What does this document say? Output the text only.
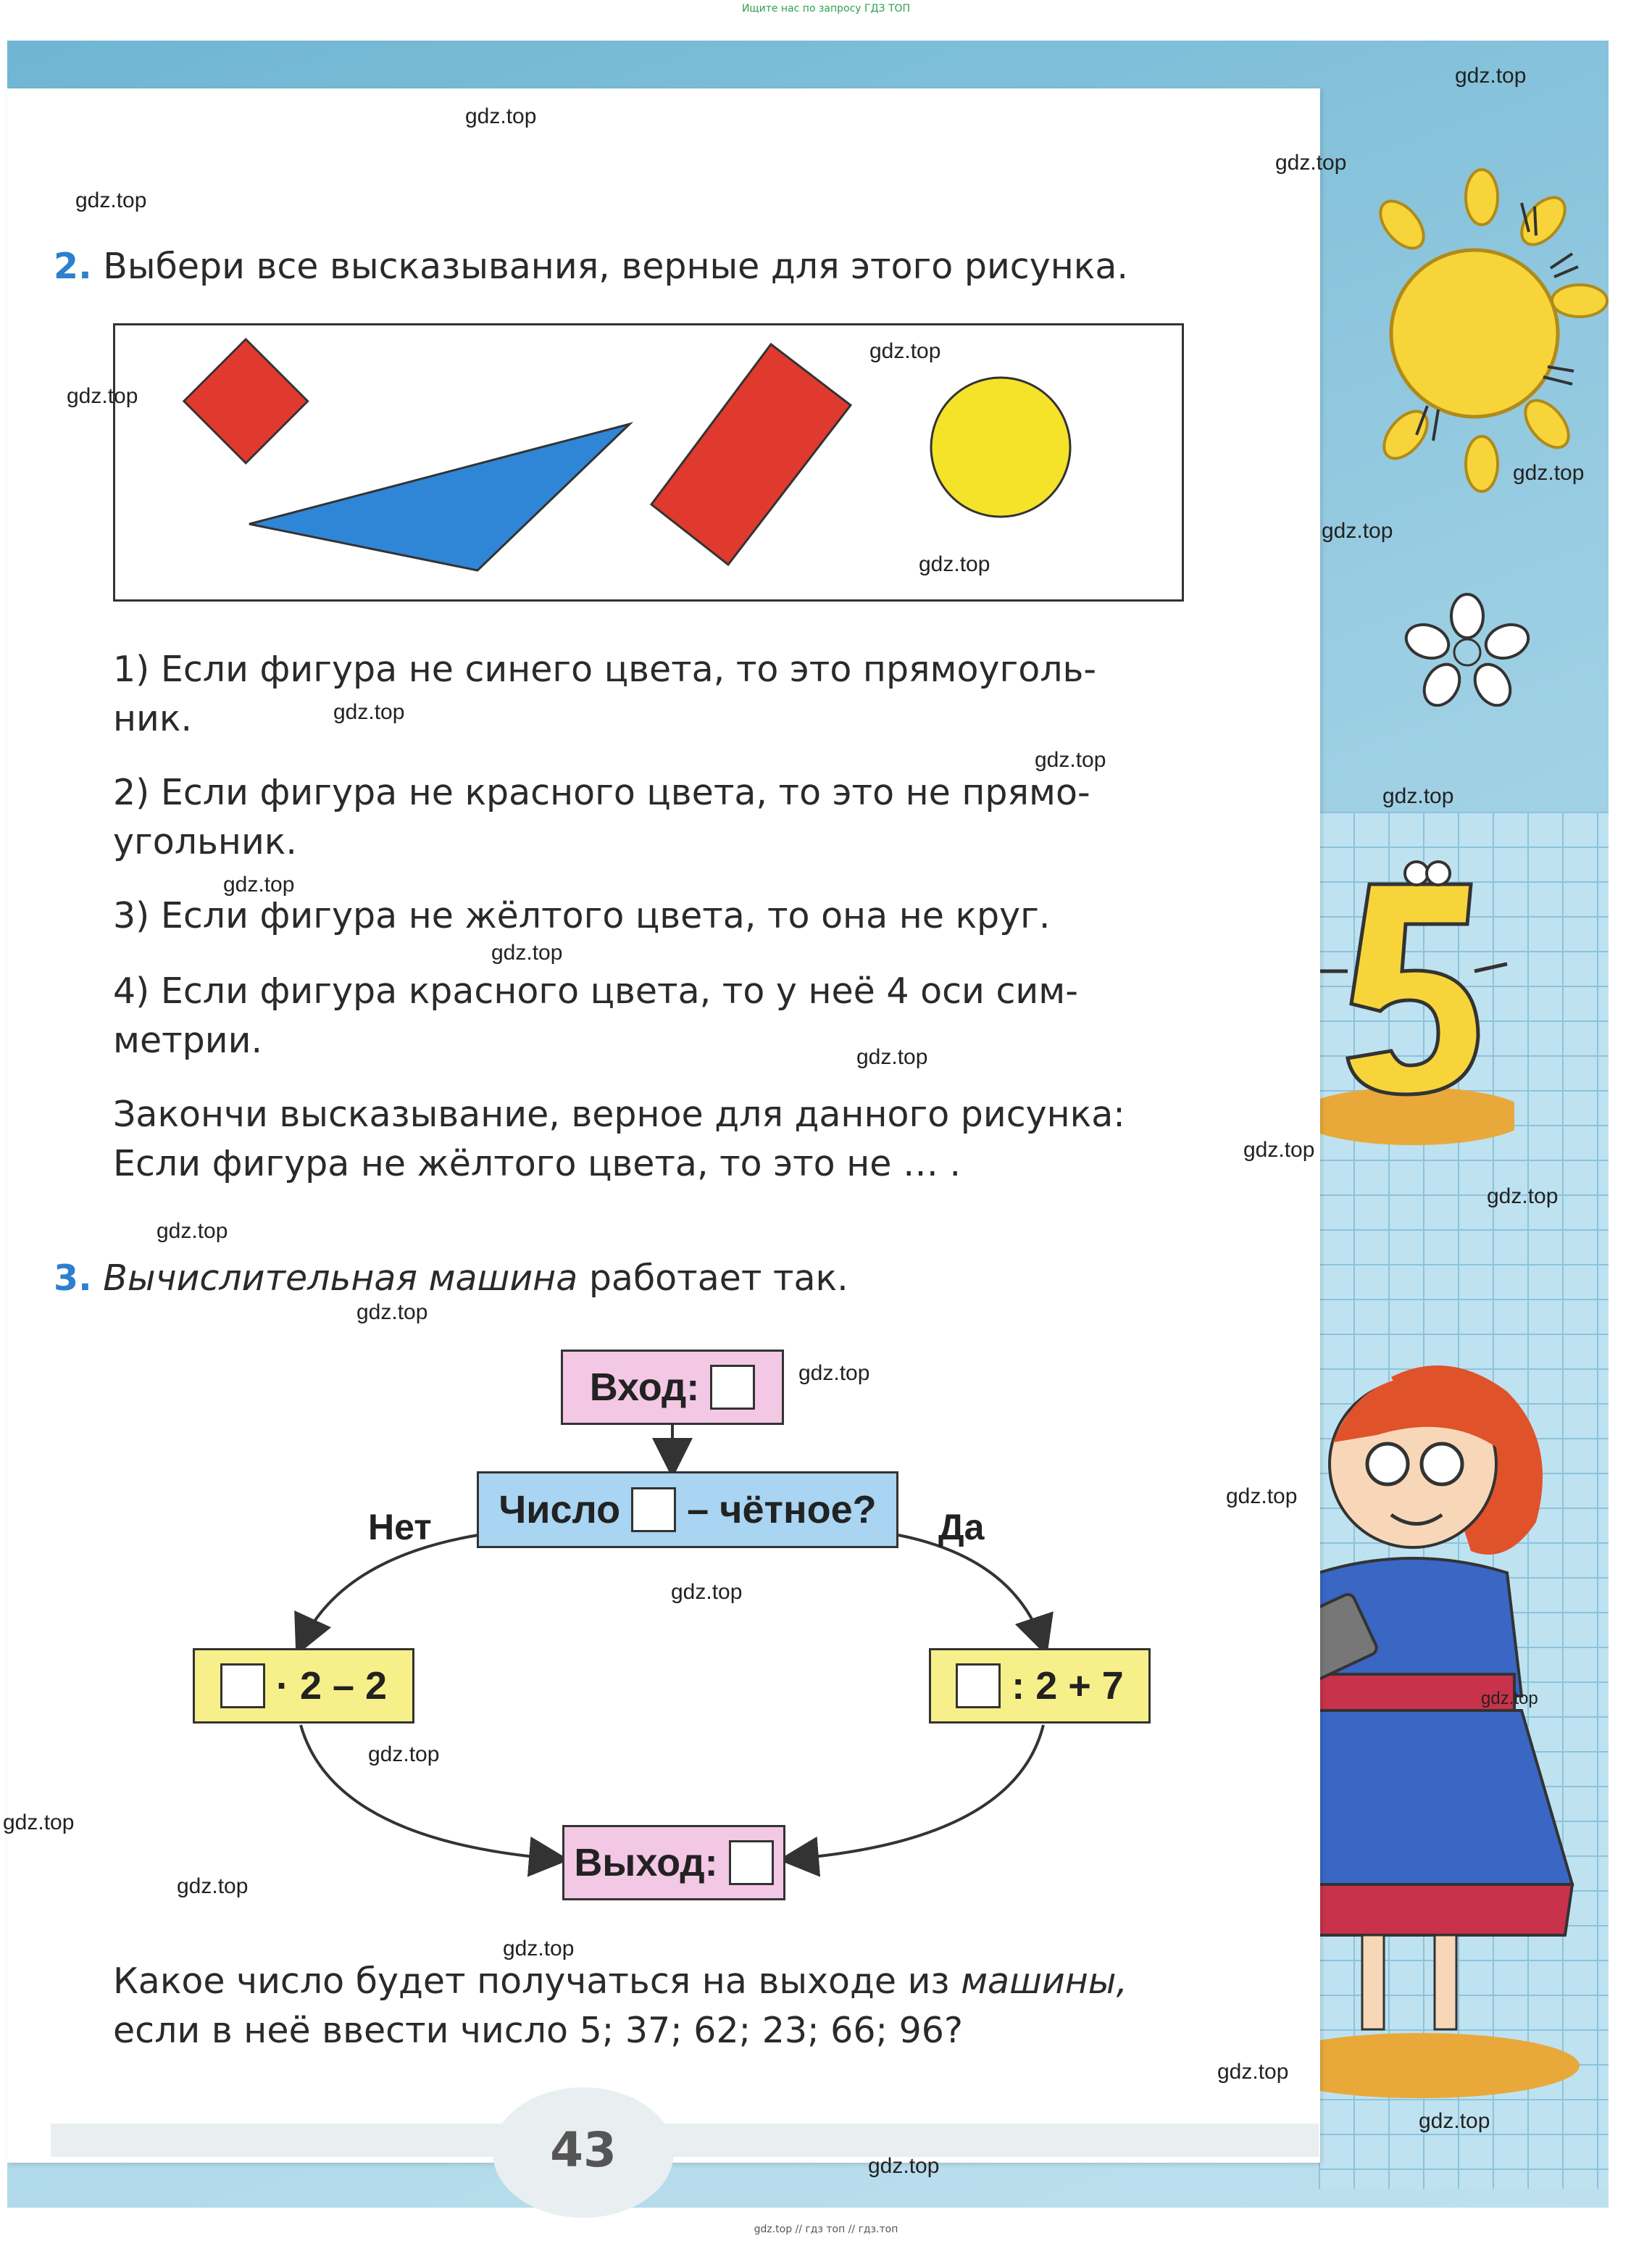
Ищите нас по запросу ГДЗ ТОП
43
2. Выбери все высказывания, верные для этого рисунка.
1) Если фигура не синего цвета, то это прямоуголь-
ник.
2) Если фигура не красного цвета, то это не прямо-
угольник.
3) Если фигура не жёлтого цвета, то она не круг.
4) Если фигура красного цвета, то у неё 4 оси сим-
метрии.
Закончи высказывание, верное для данного рисунка:
Если фигура не жёлтого цвета, то это не … .
3. Вычислительная машина работает так.
Вход:

Число

– чётное?
Нет	Да

· 2 – 2
	: 2 + 7
Выход:

Какое число будет получаться на выходе из машины,
если в неё ввести число 5; 37; 62; 23; 66; 96?
gdz.top
gdz.top
gdz.top
gdz.top
gdz.top
gdz.top
gdz.top
gdz.top
gdz.top
gdz.top
gdz.top
gdz.top
gdz.top
gdz.top
gdz.top
gdz.top
gdz.top
gdz.top
gdz.top
gdz.top
gdz.top
gdz.top
gdz.top
gdz.top
gdz.top
gdz.top
gdz.top
gdz.top
gdz.top
gdz.top
gdz.top // гдз топ // гдз.топ
